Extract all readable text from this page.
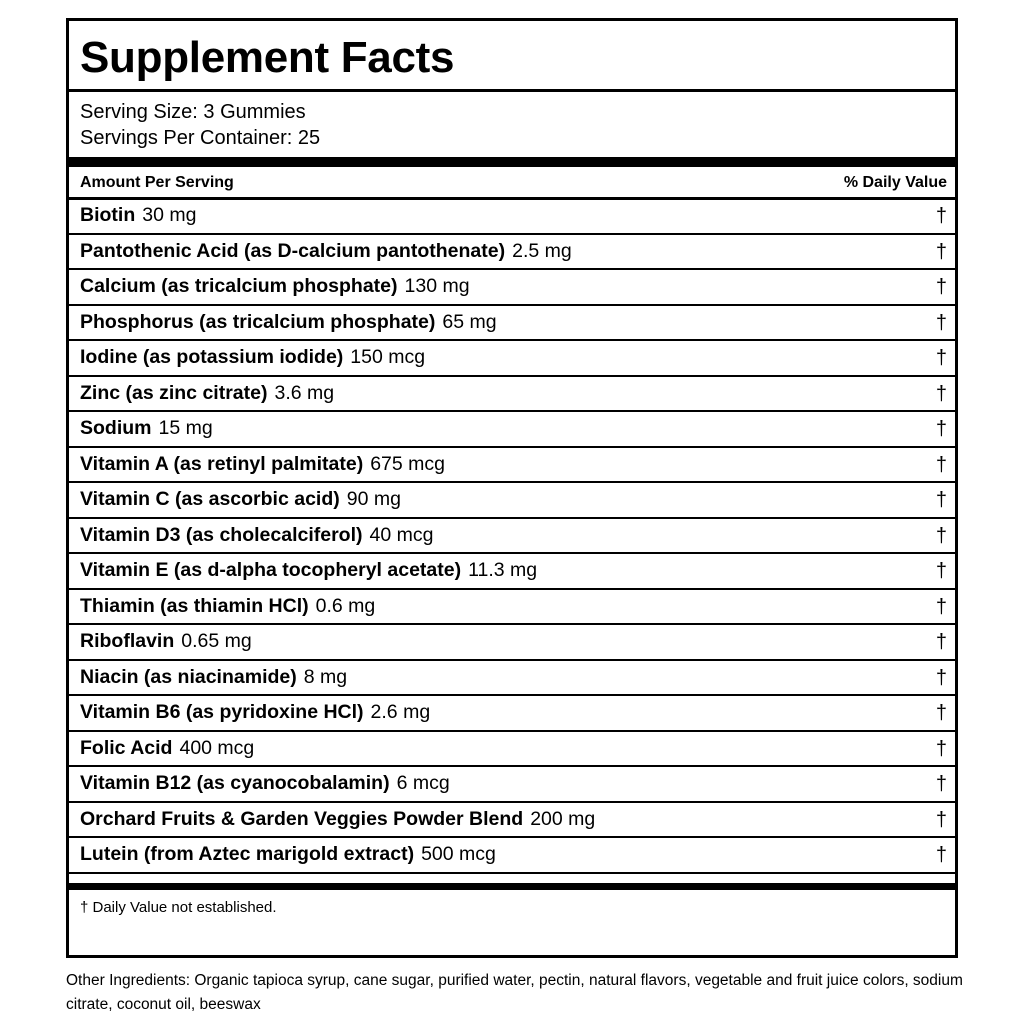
Supplement Facts
Serving Size: 3 Gummies
Servings Per Container: 25
Amount Per Serving	% Daily Value
Biotin 30 mg	†
Pantothenic Acid (as D-calcium pantothenate) 2.5 mg	†
Calcium (as tricalcium phosphate) 130 mg	†
Phosphorus (as tricalcium phosphate) 65 mg	†
Iodine (as potassium iodide) 150 mcg	†
Zinc (as zinc citrate) 3.6 mg	†
Sodium 15 mg	†
Vitamin A (as retinyl palmitate) 675 mcg	†
Vitamin C (as ascorbic acid) 90 mg	†
Vitamin D3 (as cholecalciferol) 40 mcg	†
Vitamin E (as d-alpha tocopheryl acetate) 11.3 mg	†
Thiamin (as thiamin HCl) 0.6 mg	†
Riboflavin 0.65 mg	†
Niacin (as niacinamide) 8 mg	†
Vitamin B6 (as pyridoxine HCl) 2.6 mg	†
Folic Acid 400 mcg	†
Vitamin B12 (as cyanocobalamin) 6 mcg	†
Orchard Fruits & Garden Veggies Powder Blend 200 mg	†
Lutein (from Aztec marigold extract) 500 mcg	†
† Daily Value not established.
Other Ingredients: Organic tapioca syrup, cane sugar, purified water, pectin, natural flavors, vegetable and fruit juice colors, sodium citrate, coconut oil, beeswax
